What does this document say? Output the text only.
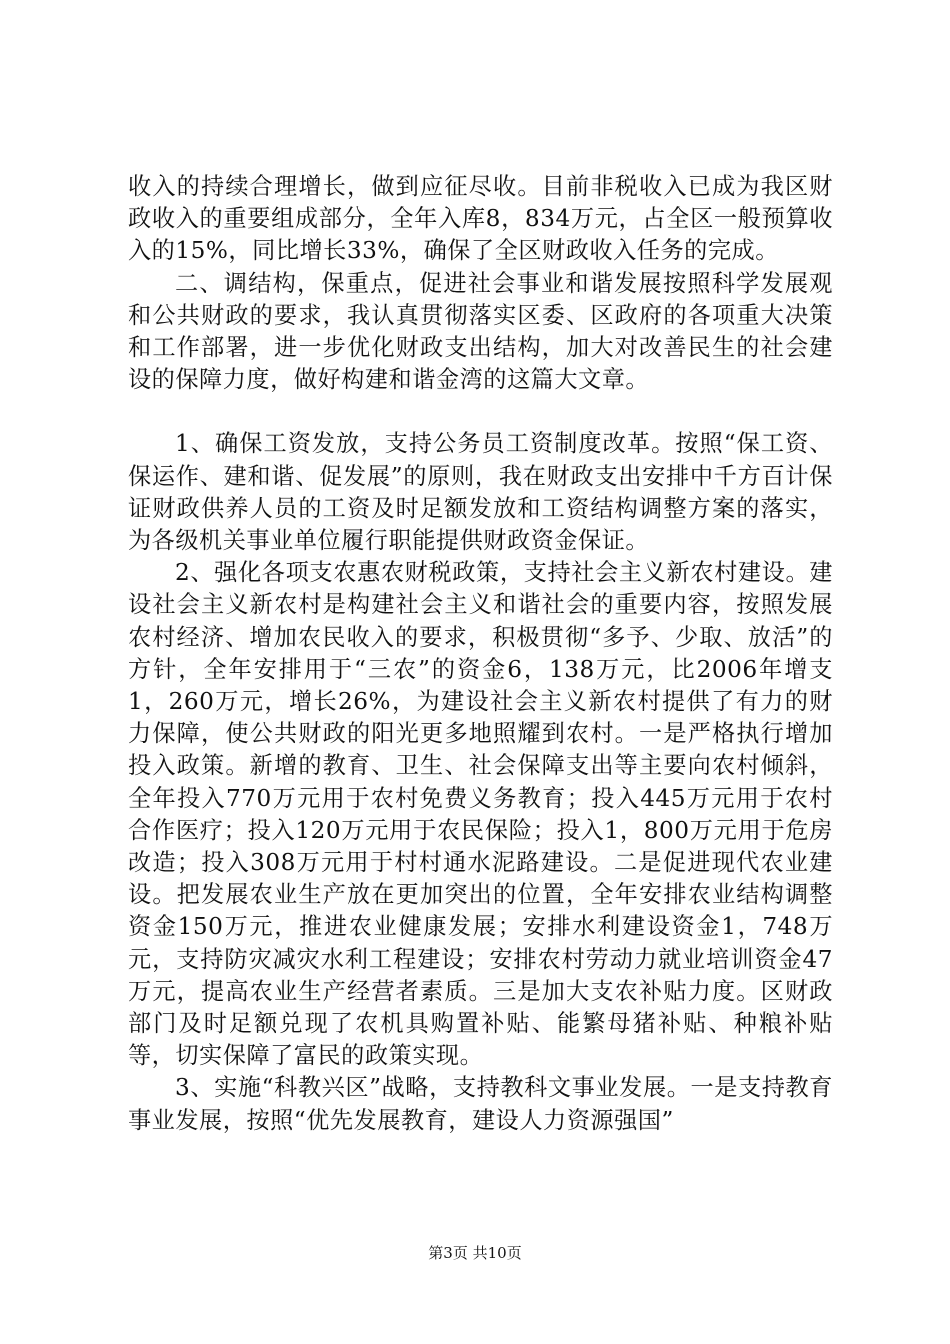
收入的持续合理增长，做到应征尽收。目前非税收入已成为我区财政收入的重要组成部分，全年入库8，834万元，占全区一般预算收入的15%，同比增长33%，确保了全区财政收入任务的完成。

二、调结构，保重点，促进社会事业和谐发展按照科学发展观和公共财政的要求，我认真贯彻落实区委、区政府的各项重大决策和工作部署，进一步优化财政支出结构，加大对改善民生的社会建设的保障力度，做好构建和谐金湾的这篇大文章。

1、确保工资发放，支持公务员工资制度改革。按照“保工资、保运作、建和谐、促发展”的原则，我在财政支出安排中千方百计保证财政供养人员的工资及时足额发放和工资结构调整方案的落实，为各级机关事业单位履行职能提供财政资金保证。

2、强化各项支农惠农财税政策，支持社会主义新农村建设。建设社会主义新农村是构建社会主义和谐社会的重要内容，按照发展农村经济、增加农民收入的要求，积极贯彻“多予、少取、放活”的方针，全年安排用于“三农”的资金6，138万元，比2006年增支1，260万元，增长26%，为建设社会主义新农村提供了有力的财力保障，使公共财政的阳光更多地照耀到农村。一是严格执行增加投入政策。新增的教育、卫生、社会保障支出等主要向农村倾斜，全年投入770万元用于农村免费义务教育；投入445万元用于农村合作医疗；投入120万元用于农民保险；投入1，800万元用于危房改造；投入308万元用于村村通水泥路建设。二是促进现代农业建设。把发展农业生产放在更加突出的位置，全年安排农业结构调整资金150万元，推进农业健康发展；安排水利建设资金1，748万元，支持防灾减灾水利工程建设；安排农村劳动力就业培训资金47万元，提高农业生产经营者素质。三是加大支农补贴力度。区财政部门及时足额兑现了农机具购置补贴、能繁母猪补贴、种粮补贴等，切实保障了富民的政策实现。

3、实施“科教兴区”战略，支持教科文事业发展。一是支持教育事业发展，按照“优先发展教育，建设人力资源强国”

第3页 共10页
